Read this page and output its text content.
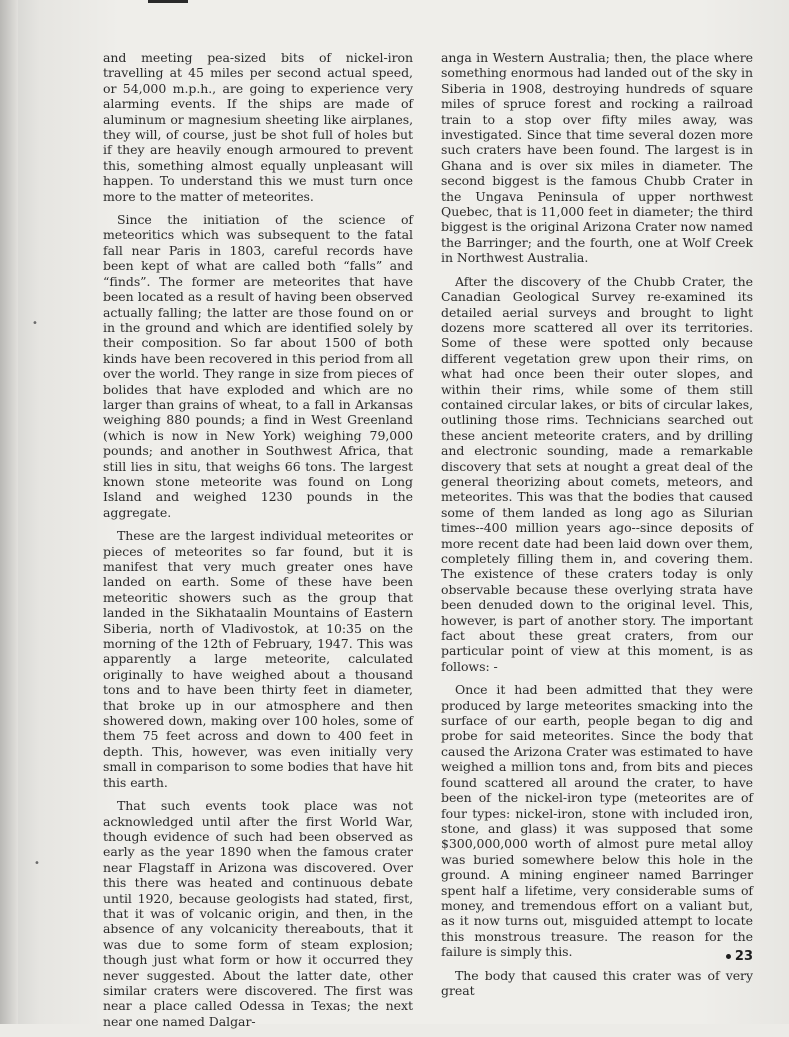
•
•

and meeting pea-sized bits of nickel-iron travelling at 45 miles per second actual speed, or 54,000 m.p.h., are going to experience very alarming events. If the ships are made of aluminum or magnesium sheeting like airplanes, they will, of course, just be shot full of holes but if they are heavily enough armoured to prevent this, something almost equally unpleasant will happen. To understand this we must turn once more to the matter of meteorites.

Since the initiation of the science of meteoritics which was subsequent to the fatal fall near Paris in 1803, careful records have been kept of what are called both “falls” and “finds”. The former are meteorites that have been located as a result of having been observed actually falling; the latter are those found on or in the ground and which are identified solely by their composition. So far about 1500 of both kinds have been recovered in this period from all over the world. They range in size from pieces of bolides that have exploded and which are no larger than grains of wheat, to a fall in Arkansas weighing 880 pounds; a find in West Greenland (which is now in New York) weighing 79,000 pounds; and another in Southwest Africa, that still lies in situ, that weighs 66 tons. The largest known stone meteorite was found on Long Island and weighed 1230 pounds in the aggregate.

These are the largest individual meteorites or pieces of meteorites so far found, but it is manifest that very much greater ones have landed on earth. Some of these have been meteoritic showers such as the group that landed in the Sikhataalin Mountains of Eastern Siberia, north of Vladivostok, at 10:35 on the morning of the 12th of February, 1947. This was apparently a large meteorite, calculated originally to have weighed about a thousand tons and to have been thirty feet in diameter, that broke up in our atmosphere and then showered down, making over 100 holes, some of them 75 feet across and down to 400 feet in depth. This, however, was even initially very small in comparison to some bodies that have hit this earth.

That such events took place was not acknowledged until after the first World War, though evidence of such had been observed as early as the year 1890 when the famous crater near Flagstaff in Arizona was discovered. Over this there was heated and continuous debate until 1920, because geologists had stated, first, that it was of volcanic origin, and then, in the absence of any volcanicity thereabouts, that it was due to some form of steam explosion; though just what form or how it occurred they never suggested. About the latter date, other similar craters were discovered. The first was near a place called Odessa in Texas; the next near one named Dalgar-

anga in Western Australia; then, the place where something enormous had landed out of the sky in Siberia in 1908, destroying hundreds of square miles of spruce forest and rocking a railroad train to a stop over fifty miles away, was investigated. Since that time several dozen more such craters have been found. The largest is in Ghana and is over six miles in diameter. The second biggest is the famous Chubb Crater in the Ungava Peninsula of upper northwest Quebec, that is 11,000 feet in diameter; the third biggest is the original Arizona Crater now named the Barringer; and the fourth, one at Wolf Creek in Northwest Australia.

After the discovery of the Chubb Crater, the Canadian Geological Survey re-examined its detailed aerial surveys and brought to light dozens more scattered all over its territories. Some of these were spotted only because different vegetation grew upon their rims, on what had once been their outer slopes, and within their rims, while some of them still contained circular lakes, or bits of circular lakes, outlining those rims. Technicians searched out these ancient meteorite craters, and by drilling and electronic sounding, made a remarkable discovery that sets at nought a great deal of the general theorizing about comets, meteors, and meteorites. This was that the bodies that caused some of them landed as long ago as Silurian times--400 million years ago--since deposits of more recent date had been laid down over them, completely filling them in, and covering them. The existence of these craters today is only observable because these overlying strata have been denuded down to the original level. This, however, is part of another story. The important fact about these great craters, from our particular point of view at this moment, is as follows: -

Once it had been admitted that they were produced by large meteorites smacking into the surface of our earth, people began to dig and probe for said meteorites. Since the body that caused the Arizona Crater was estimated to have weighed a million tons and, from bits and pieces found scattered all around the crater, to have been of the nickel-iron type (meteorites are of four types: nickel-iron, stone with included iron, stone, and glass) it was supposed that some $300,000,000 worth of almost pure metal alloy was buried somewhere below this hole in the ground. A mining engineer named Barringer spent half a lifetime, very considerable sums of money, and tremendous effort on a valiant but, as it now turns out, misguided attempt to locate this monstrous treasure. The reason for the failure is simply this.

The body that caused this crater was of very great

23
